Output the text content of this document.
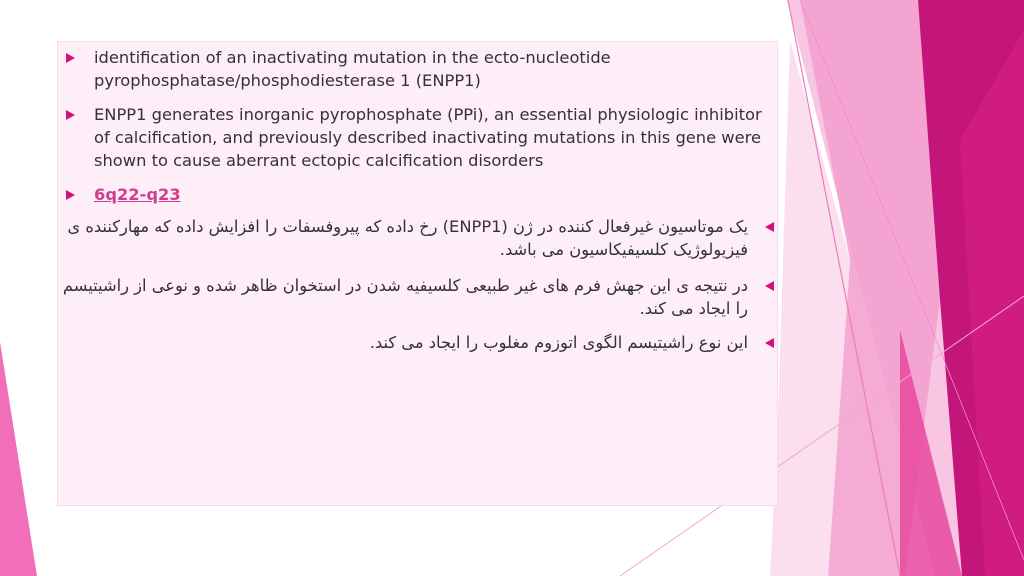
identification of an inactivating mutation in the ecto-nucleotide pyrophosphatase/phosphodiesterase 1 (ENPP1)
ENPP1 generates inorganic pyrophosphate (PPi), an essential physiologic inhibitor of calcification, and previously described inactivating mutations in this gene were shown to cause aberrant ectopic calcification disorders
6q22-q23
یک موتاسیون غیرفعال کننده در ژن (ENPP1) رخ داده که پیروفسفات را افزایش داده که مهارکننده ی فیزیولوژیک کلسیفیکاسیون می باشد.
در نتیجه ی این جهش فرم های غیر طبیعی کلسیفیه شدن در استخوان ظاهر شده و نوعی از راشیتیسم را ایجاد می کند.
این نوع راشیتیسم الگوی اتوزوم مغلوب را ایجاد می کند.
